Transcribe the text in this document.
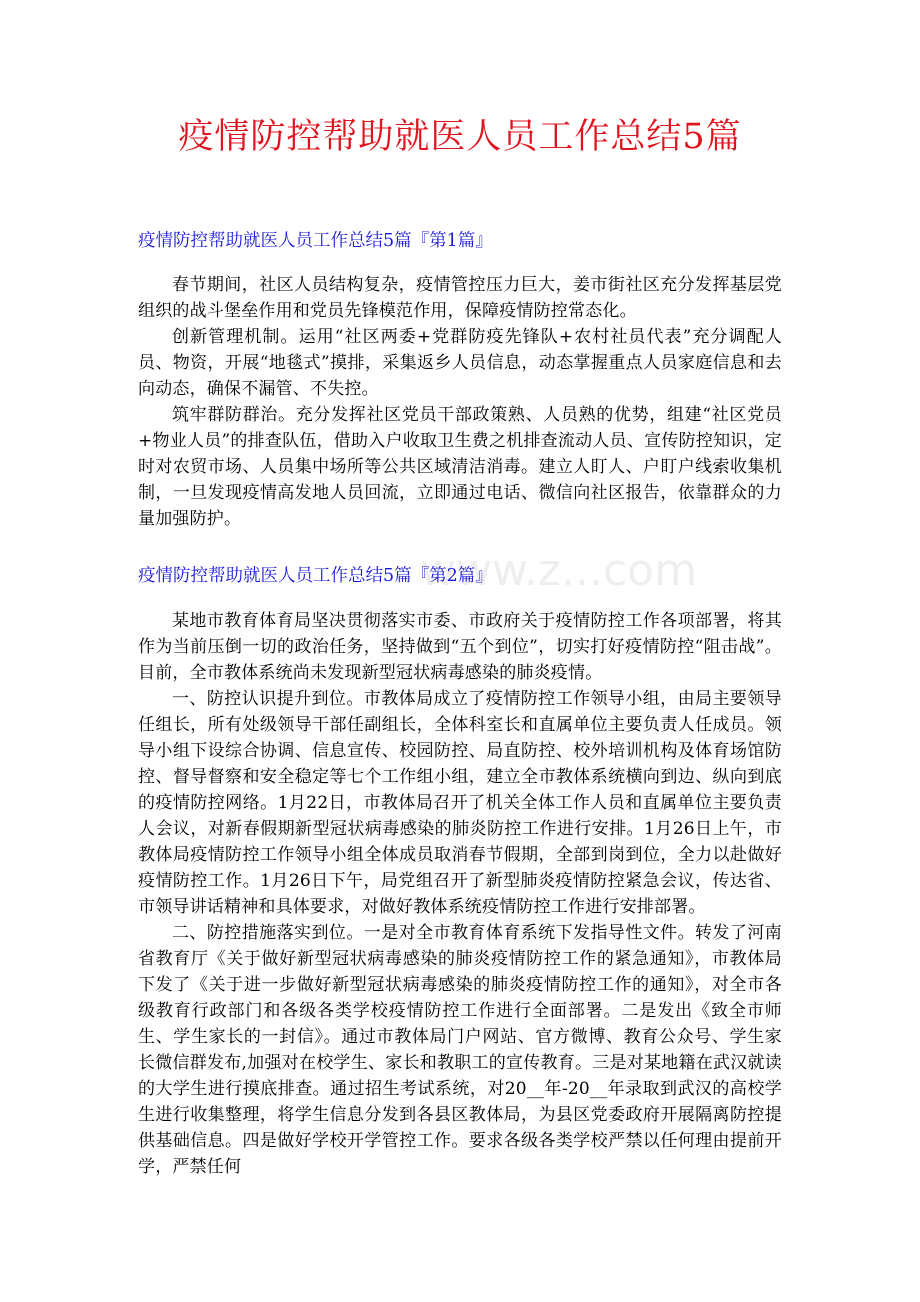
www.z...com
疫情防控帮助就医人员工作总结5篇
疫情防控帮助就医人员工作总结5篇『第1篇』

春节期间，社区人员结构复杂，疫情管控压力巨大，姜市街社区充分发挥基层党组织的战斗堡垒作用和党员先锋模范作用，保障疫情防控常态化。

创新管理机制。运用“社区两委+党群防疫先锋队+农村社员代表”充分调配人员、物资，开展“地毯式”摸排，采集返乡人员信息，动态掌握重点人员家庭信息和去向动态，确保不漏管、不失控。

筑牢群防群治。充分发挥社区党员干部政策熟、人员熟的优势，组建“社区党员+物业人员”的排查队伍，借助入户收取卫生费之机排查流动人员、宣传防控知识，定时对农贸市场、人员集中场所等公共区域清洁消毒。建立人盯人、户盯户线索收集机制，一旦发现疫情高发地人员回流，立即通过电话、微信向社区报告，依靠群众的力量加强防护。

疫情防控帮助就医人员工作总结5篇『第2篇』

某地市教育体育局坚决贯彻落实市委、市政府关于疫情防控工作各项部署，将其作为当前压倒一切的政治任务，坚持做到“五个到位”，切实打好疫情防控“阻击战”。目前，全市教体系统尚未发现新型冠状病毒感染的肺炎疫情。

一、防控认识提升到位。市教体局成立了疫情防控工作领导小组，由局主要领导任组长，所有处级领导干部任副组长，全体科室长和直属单位主要负责人任成员。领导小组下设综合协调、信息宣传、校园防控、局直防控、校外培训机构及体育场馆防控、督导督察和安全稳定等七个工作组小组，建立全市教体系统横向到边、纵向到底的疫情防控网络。1月22日，市教体局召开了机关全体工作人员和直属单位主要负责人会议，对新春假期新型冠状病毒感染的肺炎防控工作进行安排。1月26日上午，市教体局疫情防控工作领导小组全体成员取消春节假期，全部到岗到位，全力以赴做好疫情防控工作。1月26日下午，局党组召开了新型肺炎疫情防控紧急会议，传达省、市领导讲话精神和具体要求，对做好教体系统疫情防控工作进行安排部署。

二、防控措施落实到位。一是对全市教育体育系统下发指导性文件。转发了河南省教育厅《关于做好新型冠状病毒感染的肺炎疫情防控工作的紧急通知》，市教体局下发了《关于进一步做好新型冠状病毒感染的肺炎疫情防控工作的通知》，对全市各级教育行政部门和各级各类学校疫情防控工作进行全面部署。二是发出《致全市师生、学生家长的一封信》。通过市教体局门户网站、官方微博、教育公众号、学生家长微信群发布,加强对在校学生、家长和教职工的宣传教育。三是对某地籍在武汉就读的大学生进行摸底排查。通过招生考试系统，对20__年-20__年录取到武汉的高校学生进行收集整理，将学生信息分发到各县区教体局，为县区党委政府开展隔离防控提供基础信息。四是做好学校开学管控工作。要求各级各类学校严禁以任何理由提前开学，严禁任何
